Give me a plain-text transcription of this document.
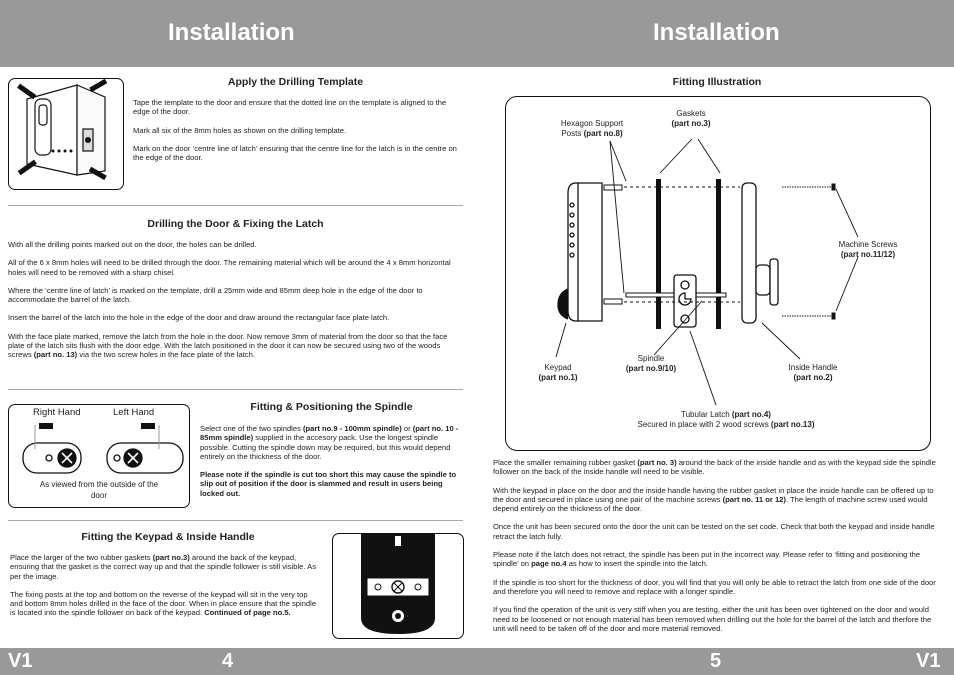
Installation	Installation
V1	4	5	V1
Apply the Drilling Template

Tape the template to the door and ensure that the dotted line on the template is aligned to the edge of the door.

Mark all six of the 8mm holes as shown on the drilling template.

Mark on the door ‘centre line of latch’ ensuring that the centre line for the latch is in the centre on the edge of the door.

Drilling the Door & Fixing the Latch

With all the drilling points marked out on the door, the holes can be drilled.

All of the 6 x 8mm holes will need to be drilled through the door. The remaining material which will be around the 4 x 8mm horizontal holes will need to be removed with a sharp chisel.

Where the ‘centre line of latch’ is marked on the template, drill a 25mm wide and 85mm deep hole in the edge of the door to accommodate the barrel of the latch.

Insert the barrel of the latch into the hole in the edge of the door and draw around the rectangular face plate latch.

With the face plate marked, remove the latch from the hole in the door. Now remove 3mm of material from the door so that the face plate of the latch sits flush with the door edge. With the latch positioned in the door it can now be secured using two of the woods screws (part no. 13) via the two screw holes in the face plate of the latch.

Right Hand	Left Hand
As viewed from the outside of the door
Fitting & Positioning the Spindle

Select one of the two spindles (part no.9 - 100mm spindle) or (part no. 10 - 85mm spindle) supplied in the accesory pack. Use the longest spindle possible. Cutting the spindle down may be required, but this would depend entirely on the thickness of the door.

Please note if the spindle is cut too short this may cause the spindle to slip out of position if the door is slammed and result in users being locked out.

Fitting the Keypad & Inside Handle

Place the larger of the two rubber gaskets (part no.3) around the back of the keypad, ensuring that the gasket is the correct way up and that the spindle follower is still visible. As per the image.

The fixing posts at the top and bottom on the reverse of the keypad will sit in the very top and bottom 8mm holes drilled in the face of the door. When in place ensure that the spindle is located into the spindle follower on back of the keypad. Continued of page no.5.

Fitting Illustration
Hexagon Support
Posts (part no.8)
Gaskets
(part no.3)
Machine Screws
(part no.11/12)
Keypad
(part no.1)
Spindle
(part no.9/10)	Inside Handle
(part no.2)
Tubular Latch (part no.4)
Secured in place with 2 wood screws (part no.13)

Place the smaller remaining rubber gasket (part no. 3) around the back of the inside handle and as with the keypad side the spindle follower on the back of the inside handle will need to be visible.

With the keypad in place on the door and the inside handle having the rubber gasket in place the inside handle can be offered up to the door and secured in place using one pair of the machine screws (part no. 11 or 12). The length of machine screw used would depend entirely on the thickness of the door.

Once the unit has been secured onto the door the unit can be tested on the set code. Check that both the keypad and inside handle retract the latch fully.

Please note if the latch does not retract, the spindle has been put in the incorrect way. Please refer to ‘fitting and positioning the spindle’ on page no.4 as how to insert the spindle into the latch.

If the spindle is too short for the thickness of door, you will find that you will only be able to retract the latch from one side of the door and therefore you will need to remove and replace with a longer spindle.

If you find the operation of the unit is very stiff when you are testing, either the unit has been over tightened on the door and would need to be loosened or not enough material has been removed when drilling out the hole for the barrel of the latch and therfore the unit will need to be taken off of the door and more material removed.
